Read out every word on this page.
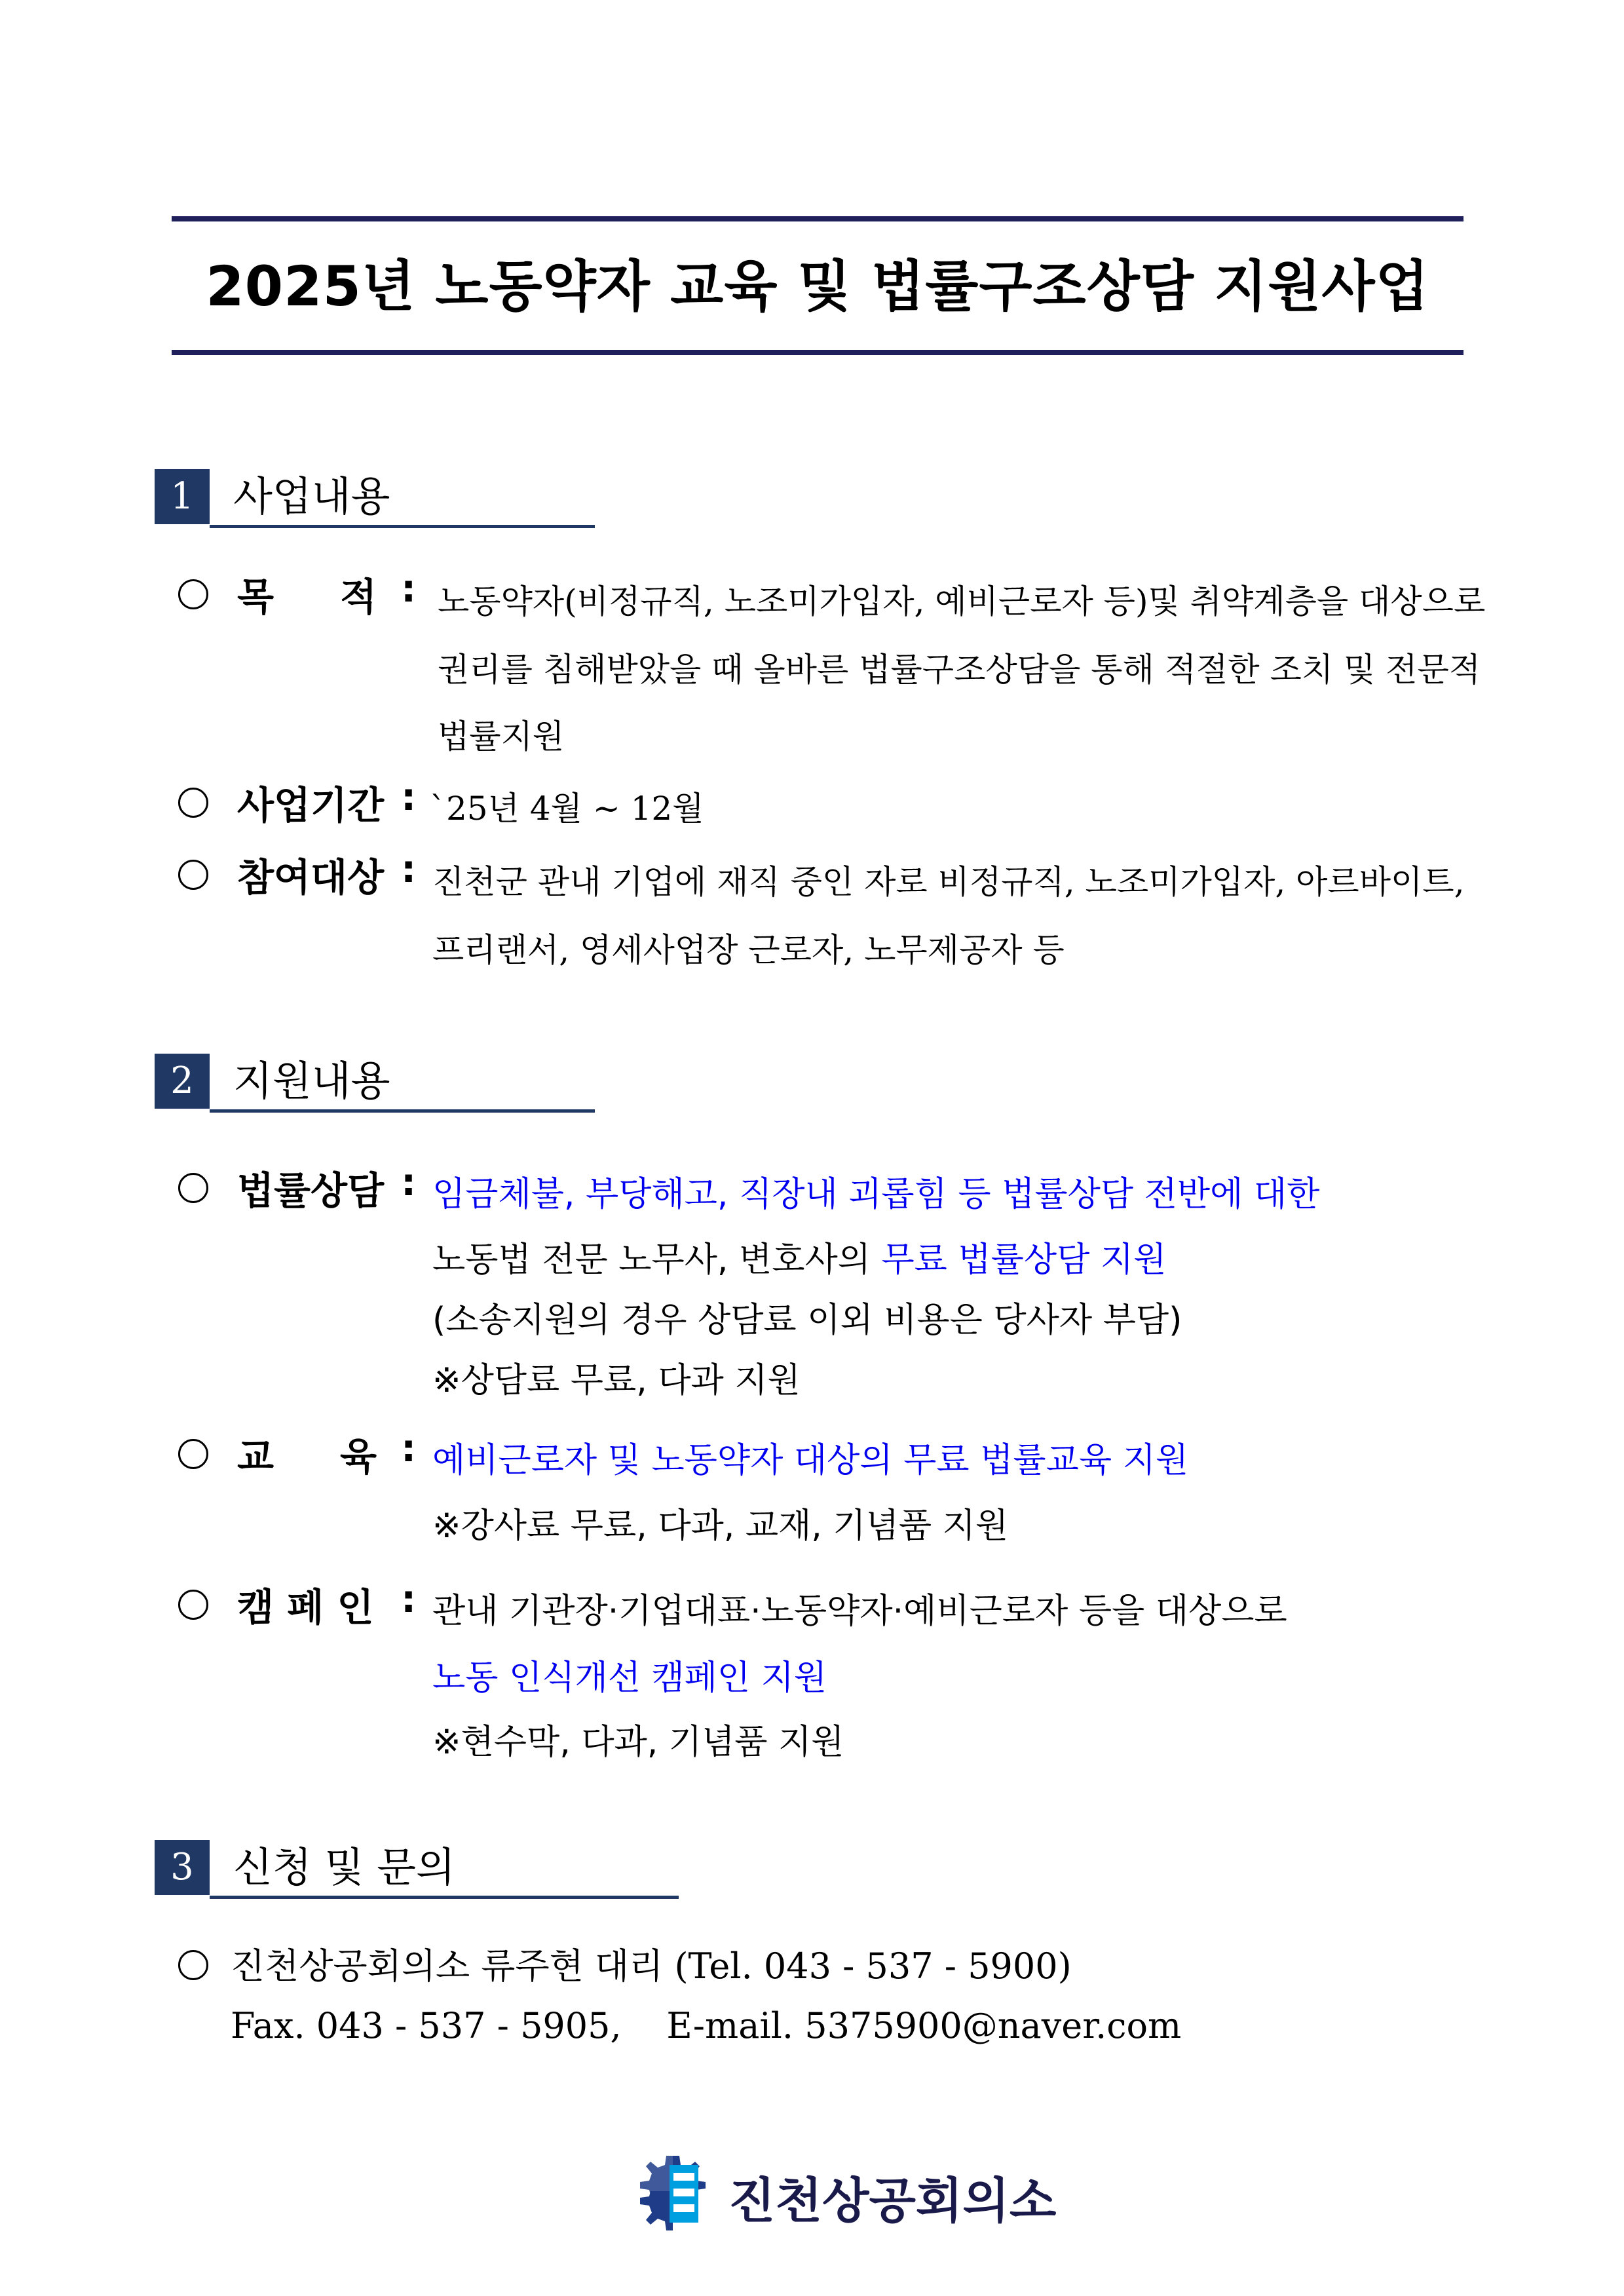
2025년 노동약자 교육 및 법률구조상담 지원사업
1 사업내용
목     적 : 노동약자(비정규직, 노조미가입자, 예비근로자 등)및 취약계층을 대상으로
권리를 침해받았을 때 올바른 법률구조상담을 통해 적절한 조치 및 전문적
법률지원
사업기간 : `25년 4월 ~ 12월
참여대상 : 진천군 관내 기업에 재직 중인 자로 비정규직, 노조미가입자, 아르바이트,
프리랜서, 영세사업장 근로자, 노무제공자 등
2 지원내용
법률상담 : 임금체불, 부당해고, 직장내 괴롭힘 등 법률상담 전반에 대한
노동법 전문 노무사, 변호사의 무료 법률상담 지원
(소송지원의 경우 상담료 이외 비용은 당사자 부담)
※상담료 무료, 다과 지원
교     육 : 예비근로자 및 노동약자 대상의 무료 법률교육 지원
※강사료 무료, 다과, 교재, 기념품 지원
캠 페 인 : 관내 기관장·기업대표·노동약자·예비근로자 등을 대상으로
노동 인식개선 캠페인 지원
※현수막, 다과, 기념품 지원
3 신청 및 문의
진천상공회의소 류주현 대리 (Tel. 043 - 537 - 5900)
Fax. 043 - 537 - 5905,    E-mail. 5375900@naver.com
진천상공회의소
